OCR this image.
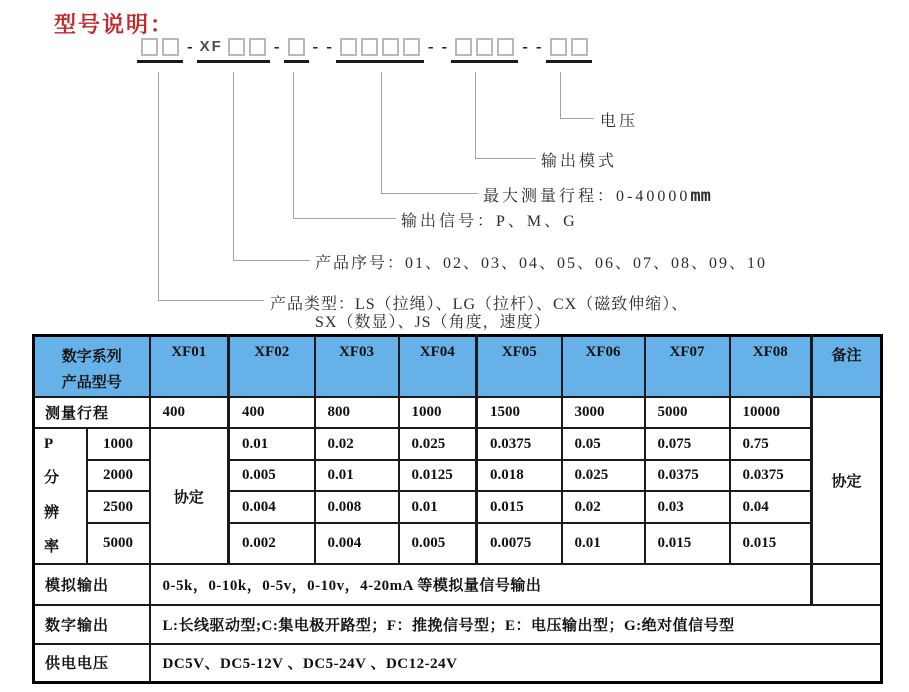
型号说明：
- XF	- - -	- -	- -
电压
输出模式
最大测量行程：0-40000mm
输出信号：P、M、G
产品序号：01、02、03、04、05、06、07、08、09、10
产品类型：LS（拉绳）、LG（拉杆）、CX（磁致伸缩）、
SX（数显）、JS（角度，速度）
数字系列
产品型号		XF01	XF02	XF03	XF04	XF05	XF06	XF07	XF08	备注
测量行程		400	400	800	1000	1500	3000	5000	10000	协定

P
分
辨
率	1000	协定	0.01	0.02	0.025	0.0375	0.05	0.075	0.75	
	2000		0.005	0.01	0.0125	0.018	0.025	0.0375	0.0375	
	2500		0.004	0.008	0.01	0.015	0.02	0.03	0.04	
	5000		0.002	0.004	0.005	0.0075	0.01	0.015	0.015	
模拟输出		0-5k，0-10k，0-5v，0-10v，4-20mA 等模拟量信号输出								
数字输出		L:长线驱动型;C:集电极开路型；F：推挽信号型；E：电压输出型；G:绝对值信号型								
供电电压		DC5V、DC5-12V 、DC5-24V 、DC12-24V								
